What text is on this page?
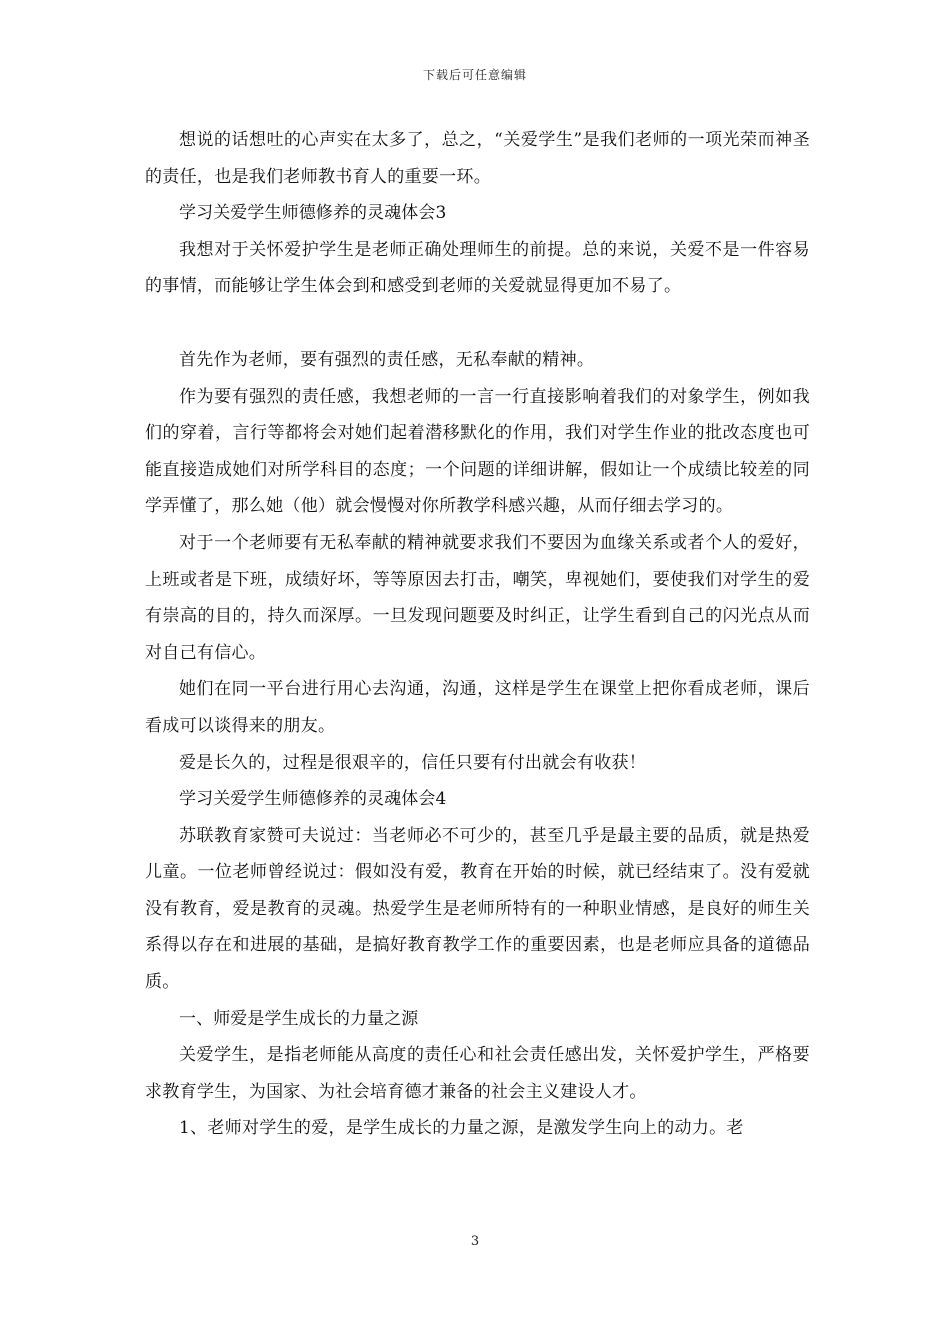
下载后可任意编辑

想说的话想吐的心声实在太多了，总之，“关爱学生”是我们老师的一项光荣而神圣的责任，也是我们老师教书育人的重要一环。

学习关爱学生师德修养的灵魂体会3

我想对于关怀爱护学生是老师正确处理师生的前提。总的来说，关爱不是一件容易的事情，而能够让学生体会到和感受到老师的关爱就显得更加不易了。

首先作为老师，要有强烈的责任感，无私奉献的精神。

作为要有强烈的责任感，我想老师的一言一行直接影响着我们的对象学生，例如我们的穿着，言行等都将会对她们起着潜移默化的作用，我们对学生作业的批改态度也可能直接造成她们对所学科目的态度；一个问题的详细讲解，假如让一个成绩比较差的同学弄懂了，那么她（他）就会慢慢对你所教学科感兴趣，从而仔细去学习的。

对于一个老师要有无私奉献的精神就要求我们不要因为血缘关系或者个人的爱好，上班或者是下班，成绩好坏，等等原因去打击，嘲笑，卑视她们，要使我们对学生的爱有崇高的目的，持久而深厚。一旦发现问题要及时纠正，让学生看到自己的闪光点从而对自己有信心。

她们在同一平台进行用心去沟通，沟通，这样是学生在课堂上把你看成老师，课后看成可以谈得来的朋友。

爱是长久的，过程是很艰辛的，信任只要有付出就会有收获！

学习关爱学生师德修养的灵魂体会4

苏联教育家赞可夫说过：当老师必不可少的，甚至几乎是最主要的品质，就是热爱儿童。一位老师曾经说过：假如没有爱，教育在开始的时候，就已经结束了。没有爱就没有教育，爱是教育的灵魂。热爱学生是老师所特有的一种职业情感，是良好的师生关系得以存在和进展的基础，是搞好教育教学工作的重要因素，也是老师应具备的道德品质。

一、师爱是学生成长的力量之源

关爱学生，是指老师能从高度的责任心和社会责任感出发，关怀爱护学生，严格要求教育学生，为国家、为社会培育德才兼备的社会主义建设人才。

1、老师对学生的爱，是学生成长的力量之源，是激发学生向上的动力。老

3
